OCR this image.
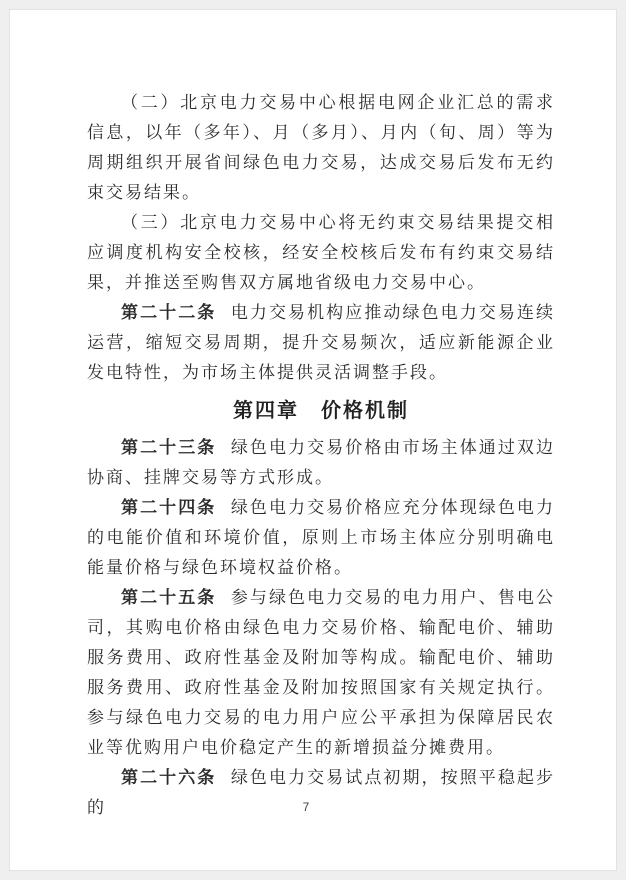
（二）北京电力交易中心根据电网企业汇总的需求信息，以年（多年）、月（多月）、月内（旬、周）等为周期组织开展省间绿色电力交易，达成交易后发布无约束交易结果。

（三）北京电力交易中心将无约束交易结果提交相应调度机构安全校核，经安全校核后发布有约束交易结果，并推送至购售双方属地省级电力交易中心。

第二十二条 电力交易机构应推动绿色电力交易连续运营，缩短交易周期，提升交易频次，适应新能源企业发电特性，为市场主体提供灵活调整手段。

第四章　价格机制

第二十三条 绿色电力交易价格由市场主体通过双边协商、挂牌交易等方式形成。

第二十四条 绿色电力交易价格应充分体现绿色电力的电能价值和环境价值，原则上市场主体应分别明确电能量价格与绿色环境权益价格。

第二十五条 参与绿色电力交易的电力用户、售电公司，其购电价格由绿色电力交易价格、输配电价、辅助服务费用、政府性基金及附加等构成。输配电价、辅助服务费用、政府性基金及附加按照国家有关规定执行。参与绿色电力交易的电力用户应公平承担为保障居民农业等优购用户电价稳定产生的新增损益分摊费用。

第二十六条 绿色电力交易试点初期，按照平稳起步的	7
